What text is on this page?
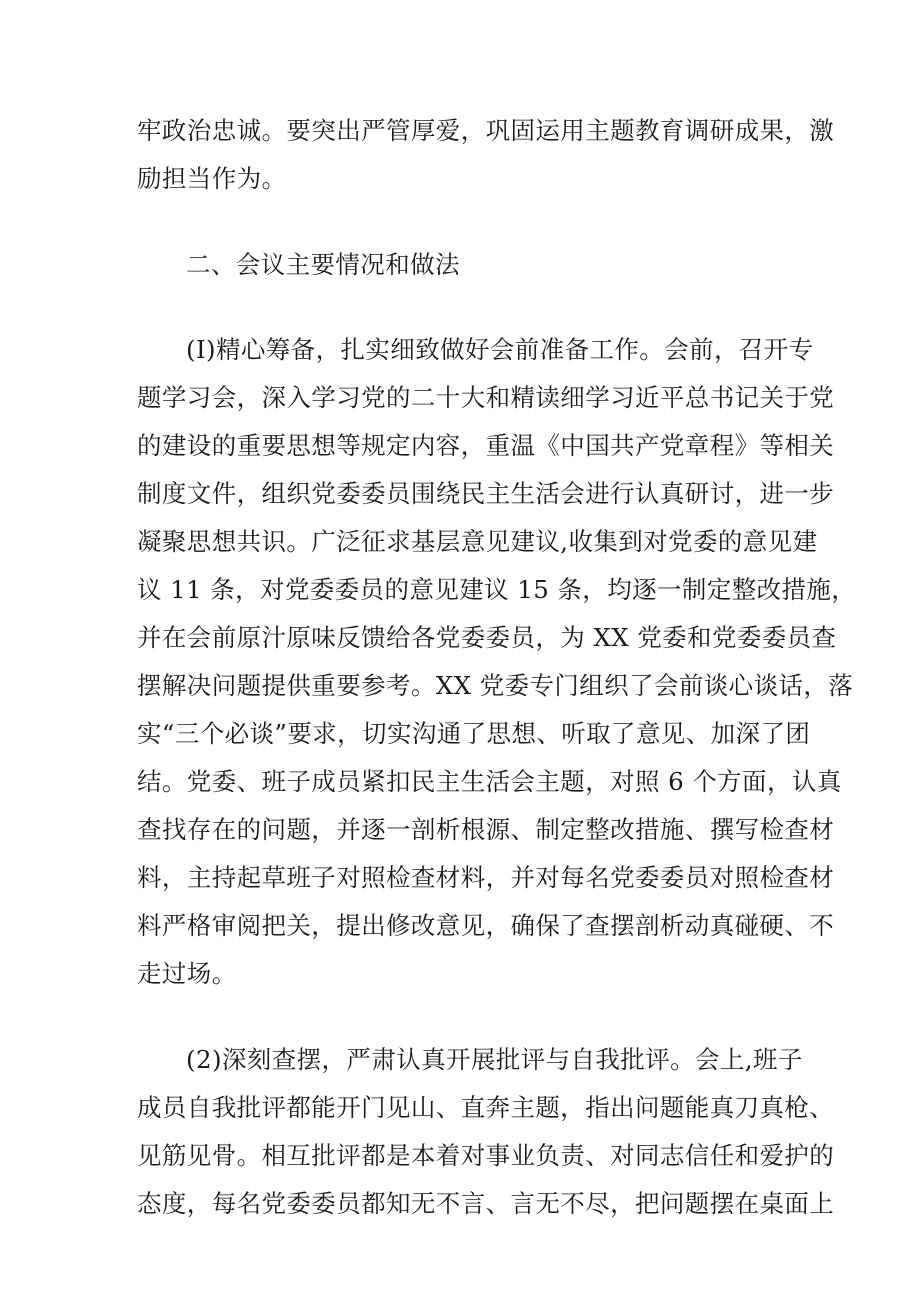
牢政治忠诚。要突出严管厚爱，巩固运用主题教育调研成果，激
励担当作为。
二、会议主要情况和做法
(I)精心筹备，扎实细致做好会前准备工作。会前，召开专
题学习会，深入学习党的二十大和精读细学习近平总书记关于党
的建设的重要思想等规定内容，重温《中国共产党章程》等相关
制度文件，组织党委委员围绕民主生活会进行认真研讨，进一步
凝聚思想共识。广泛征求基层意见建议,收集到对党委的意见建
议 11 条，对党委委员的意见建议 15 条，均逐一制定整改措施，
并在会前原汁原味反馈给各党委委员，为 XX 党委和党委委员查
摆解决问题提供重要参考。XX 党委专门组织了会前谈心谈话，落
实“三个必谈”要求，切实沟通了思想、听取了意见、加深了团
结。党委、班子成员紧扣民主生活会主题，对照 6 个方面，认真
查找存在的问题，并逐一剖析根源、制定整改措施、撰写检查材
料，主持起草班子对照检查材料，并对每名党委委员对照检查材
料严格审阅把关，提出修改意见，确保了查摆剖析动真碰硬、不
走过场。
(2)深刻查摆，严肃认真开展批评与自我批评。会上,班子
成员自我批评都能开门见山、直奔主题，指出问题能真刀真枪、
见筋见骨。相互批评都是本着对事业负责、对同志信任和爱护的
态度，每名党委委员都知无不言、言无不尽，把问题摆在桌面上
